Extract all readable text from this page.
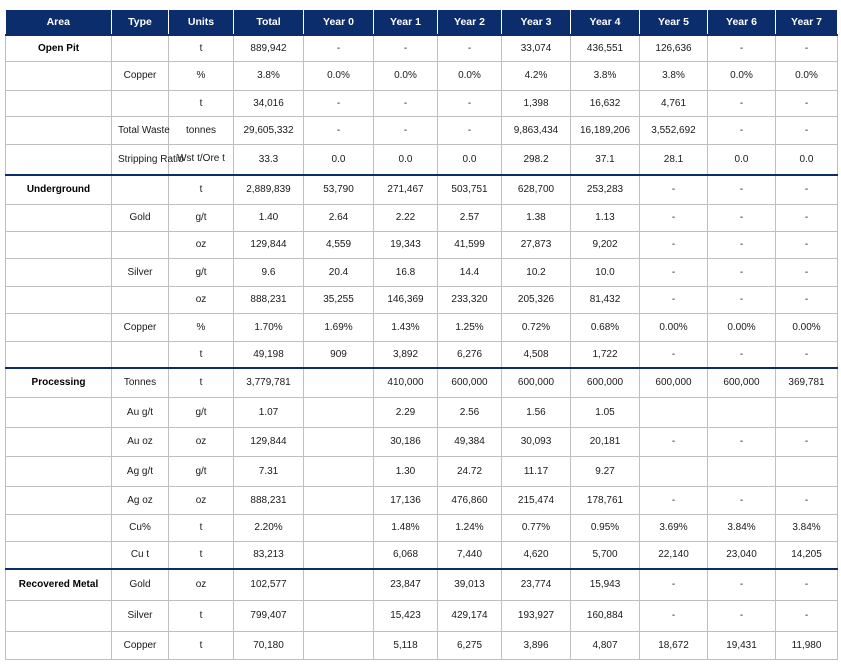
Area	Type	Units	Total	Year 0	Year 1	Year 2	Year 3	Year 4	Year 5	Year 6	Year 7
Open Pit		t	889,942	-	-	-	33,074	436,551	126,636	-	-
	Copper	%	3.8%	0.0%	0.0%	0.0%	4.2%	3.8%	3.8%	0.0%	0.0%
		t	34,016	-	-	-	1,398	16,632	4,761	-	-
	Total Waste	tonnes	29,605,332	-	-	-	9,863,434	16,189,206	3,552,692	-	-
	Stripping Ratio	Wst t/Ore t	33.3	0.0	0.0	0.0	298.2	37.1	28.1	0.0	0.0
Underground		t	2,889,839	53,790	271,467	503,751	628,700	253,283	-	-	-
	Gold	g/t	1.40	2.64	2.22	2.57	1.38	1.13	-	-	-
		oz	129,844	4,559	19,343	41,599	27,873	9,202	-	-	-
	Silver	g/t	9.6	20.4	16.8	14.4	10.2	10.0	-	-	-
		oz	888,231	35,255	146,369	233,320	205,326	81,432	-	-	-
	Copper	%	1.70%	1.69%	1.43%	1.25%	0.72%	0.68%	0.00%	0.00%	0.00%
		t	49,198	909	3,892	6,276	4,508	1,722	-	-	-
Processing	Tonnes	t	3,779,781		410,000	600,000	600,000	600,000	600,000	600,000	369,781
	Au g/t	g/t	1.07		2.29	2.56	1.56	1.05			
	Au oz	oz	129,844		30,186	49,384	30,093	20,181	-	-	-
	Ag g/t	g/t	7.31		1.30	24.72	11.17	9.27			
	Ag oz	oz	888,231		17,136	476,860	215,474	178,761	-	-	-
	Cu%	t	2.20%		1.48%	1.24%	0.77%	0.95%	3.69%	3.84%	3.84%
	Cu t	t	83,213		6,068	7,440	4,620	5,700	22,140	23,040	14,205
Recovered Metal	Gold	oz	102,577		23,847	39,013	23,774	15,943	-	-	-
	Silver	t	799,407		15,423	429,174	193,927	160,884	-	-	-
	Copper	t	70,180		5,118	6,275	3,896	4,807	18,672	19,431	11,980
